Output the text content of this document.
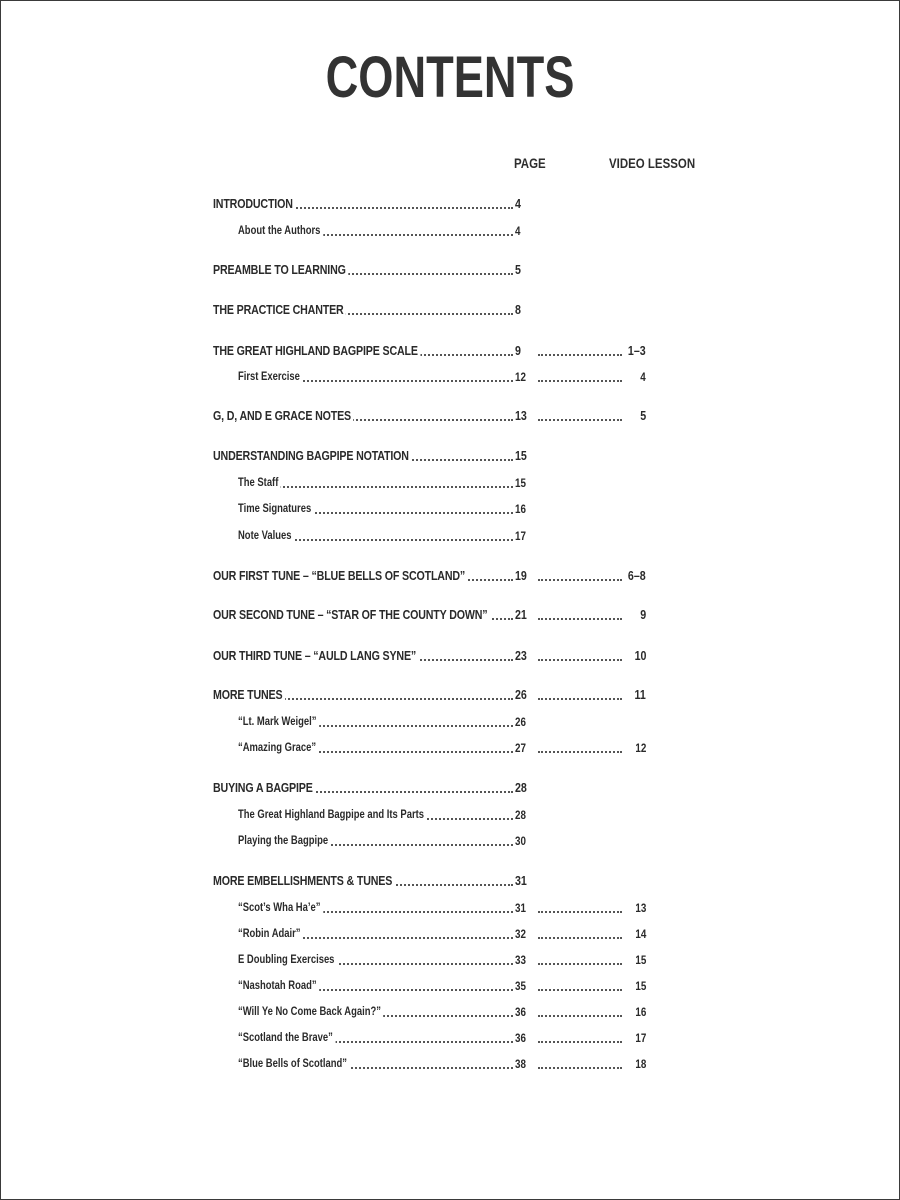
CONTENTS
PAGE	VIDEO LESSON
INTRODUCTION	4
About the Authors	4
PREAMBLE TO LEARNING	5
THE PRACTICE CHANTER	8
THE GREAT HIGHLAND BAGPIPE SCALE	9	1–3
First Exercise	12	4
G, D, AND E GRACE NOTES	13	5
UNDERSTANDING BAGPIPE NOTATION	15
The Staff	15
Time Signatures	16
Note Values	17
OUR FIRST TUNE – “BLUE BELLS OF SCOTLAND”	19	6–8
OUR SECOND TUNE – “STAR OF THE COUNTY DOWN”	21	9
OUR THIRD TUNE – “AULD LANG SYNE”	23	10
MORE TUNES	26	11
“Lt. Mark Weigel”	26
“Amazing Grace”	27	12
BUYING A BAGPIPE	28
The Great Highland Bagpipe and Its Parts	28
Playing the Bagpipe	30
MORE EMBELLISHMENTS & TUNES	31
“Scot’s Wha Ha’e”	31	13
“Robin Adair”	32	14
E Doubling Exercises	33	15
“Nashotah Road”	35	15
“Will Ye No Come Back Again?”	36	16
“Scotland the Brave”	36	17
“Blue Bells of Scotland”	38	18
